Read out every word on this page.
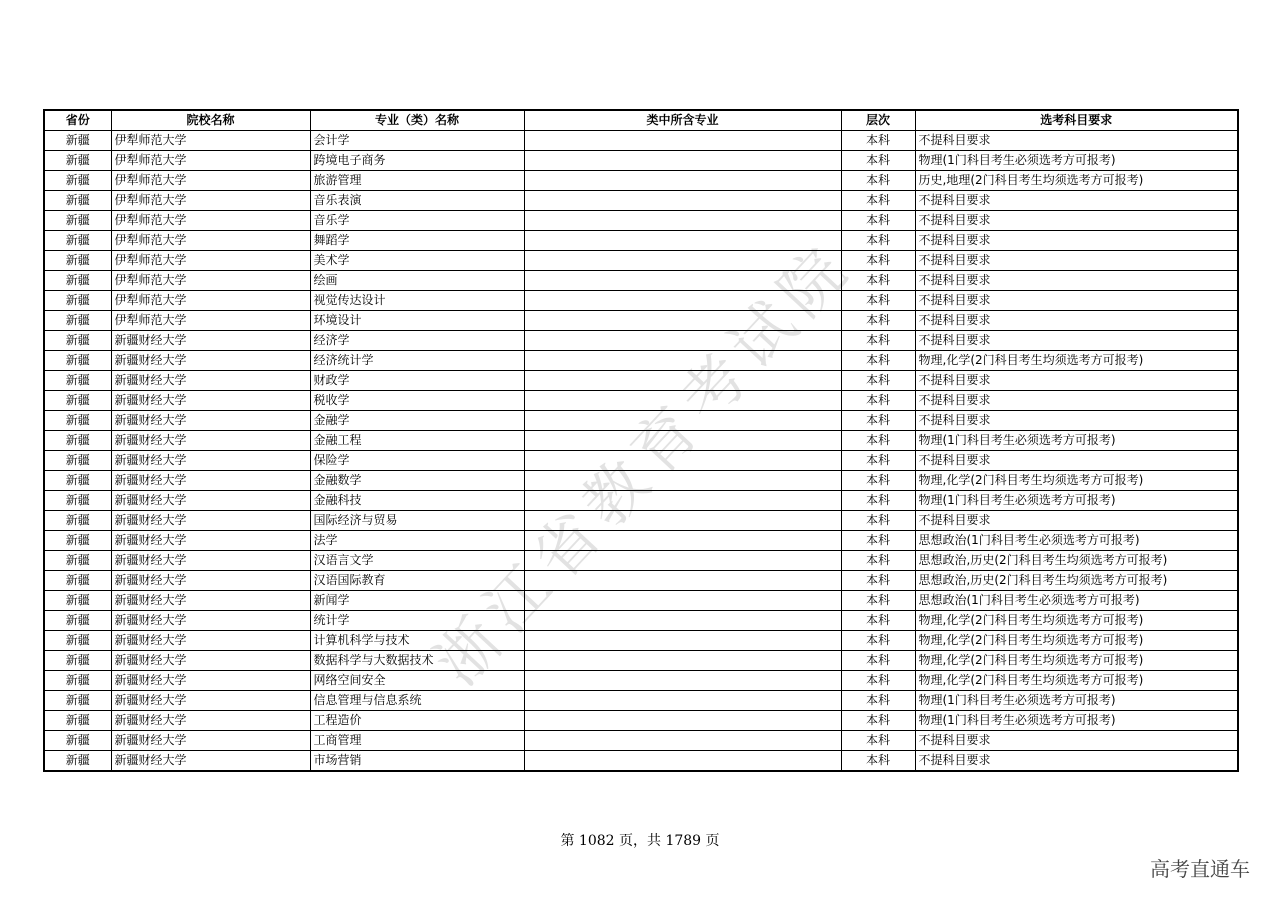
浙江省教育考试院
省份	院校名称	专业（类）名称	类中所含专业	层次	选考科目要求
新疆	伊犁师范大学	会计学		本科	不提科目要求
新疆	伊犁师范大学	跨境电子商务		本科	物理(1门科目考生必须选考方可报考)
新疆	伊犁师范大学	旅游管理		本科	历史,地理(2门科目考生均须选考方可报考)
新疆	伊犁师范大学	音乐表演		本科	不提科目要求
新疆	伊犁师范大学	音乐学		本科	不提科目要求
新疆	伊犁师范大学	舞蹈学		本科	不提科目要求
新疆	伊犁师范大学	美术学		本科	不提科目要求
新疆	伊犁师范大学	绘画		本科	不提科目要求
新疆	伊犁师范大学	视觉传达设计		本科	不提科目要求
新疆	伊犁师范大学	环境设计		本科	不提科目要求
新疆	新疆财经大学	经济学		本科	不提科目要求
新疆	新疆财经大学	经济统计学		本科	物理,化学(2门科目考生均须选考方可报考)
新疆	新疆财经大学	财政学		本科	不提科目要求
新疆	新疆财经大学	税收学		本科	不提科目要求
新疆	新疆财经大学	金融学		本科	不提科目要求
新疆	新疆财经大学	金融工程		本科	物理(1门科目考生必须选考方可报考)
新疆	新疆财经大学	保险学		本科	不提科目要求
新疆	新疆财经大学	金融数学		本科	物理,化学(2门科目考生均须选考方可报考)
新疆	新疆财经大学	金融科技		本科	物理(1门科目考生必须选考方可报考)
新疆	新疆财经大学	国际经济与贸易		本科	不提科目要求
新疆	新疆财经大学	法学		本科	思想政治(1门科目考生必须选考方可报考)
新疆	新疆财经大学	汉语言文学		本科	思想政治,历史(2门科目考生均须选考方可报考)
新疆	新疆财经大学	汉语国际教育		本科	思想政治,历史(2门科目考生均须选考方可报考)
新疆	新疆财经大学	新闻学		本科	思想政治(1门科目考生必须选考方可报考)
新疆	新疆财经大学	统计学		本科	物理,化学(2门科目考生均须选考方可报考)
新疆	新疆财经大学	计算机科学与技术		本科	物理,化学(2门科目考生均须选考方可报考)
新疆	新疆财经大学	数据科学与大数据技术		本科	物理,化学(2门科目考生均须选考方可报考)
新疆	新疆财经大学	网络空间安全		本科	物理,化学(2门科目考生均须选考方可报考)
新疆	新疆财经大学	信息管理与信息系统		本科	物理(1门科目考生必须选考方可报考)
新疆	新疆财经大学	工程造价		本科	物理(1门科目考生必须选考方可报考)
新疆	新疆财经大学	工商管理		本科	不提科目要求
新疆	新疆财经大学	市场营销		本科	不提科目要求
第 1082 页，共 1789 页
高考直通车
